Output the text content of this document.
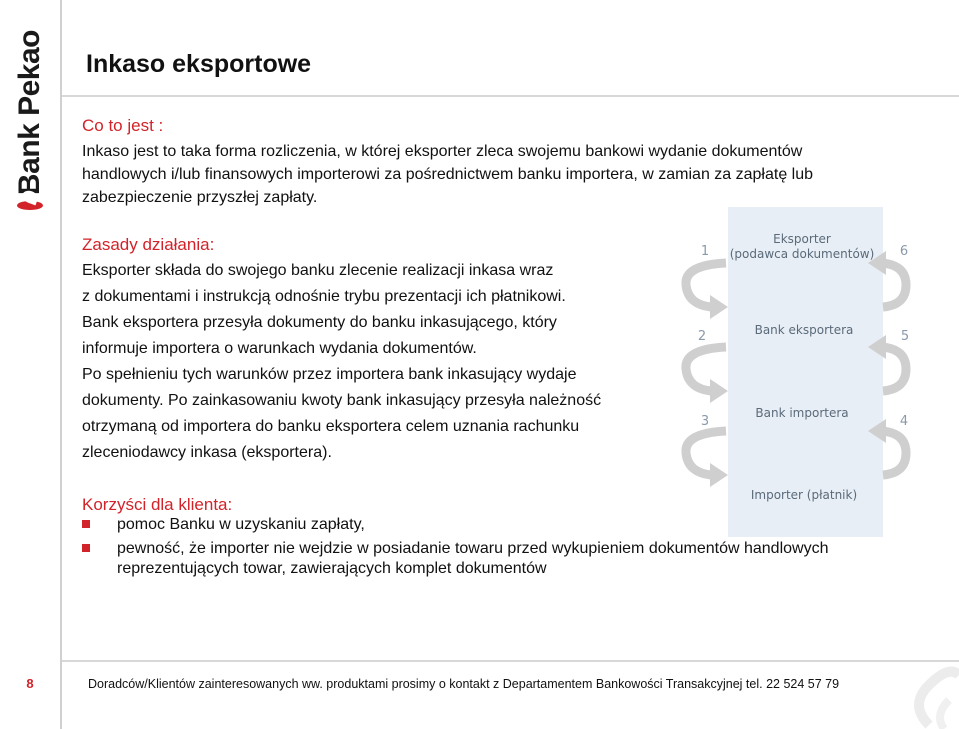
Bank Pekao
8
Inkaso eksportowe
Co to jest :
Inkaso jest to taka forma rozliczenia, w której eksporter zleca swojemu bankowi wydanie dokumentów
handlowych i/lub finansowych importerowi za pośrednictwem banku importera, w zamian za zapłatę lub
zabezpieczenie przyszłej zapłaty.
Zasady działania:
Eksporter składa do swojego banku zlecenie realizacji inkasa wraz
z dokumentami i instrukcją odnośnie trybu prezentacji ich płatnikowi.
Bank eksportera przesyła dokumenty do banku inkasującego, który
informuje importera o warunkach wydania dokumentów.
Po spełnieniu tych warunków przez importera bank inkasujący wydaje
dokumenty. Po zainkasowaniu kwoty bank inkasujący przesyła należność
otrzymaną od importera do banku eksportera celem uznania rachunku
zleceniodawcy inkasa (eksportera).
Eksporter
(podawca dokumentów)
Bank eksportera
Bank importera
Importer (płatnik)
1
2
3
6
5
4
Korzyści dla klienta:
pomoc Banku w uzyskaniu zapłaty,
pewność, że importer nie wejdzie w posiadanie towaru przed wykupieniem dokumentów handlowych
reprezentujących towar, zawierających komplet dokumentów
Doradców/Klientów zainteresowanych ww. produktami prosimy o kontakt z Departamentem Bankowości Transakcyjnej tel. 22 524 57 79
